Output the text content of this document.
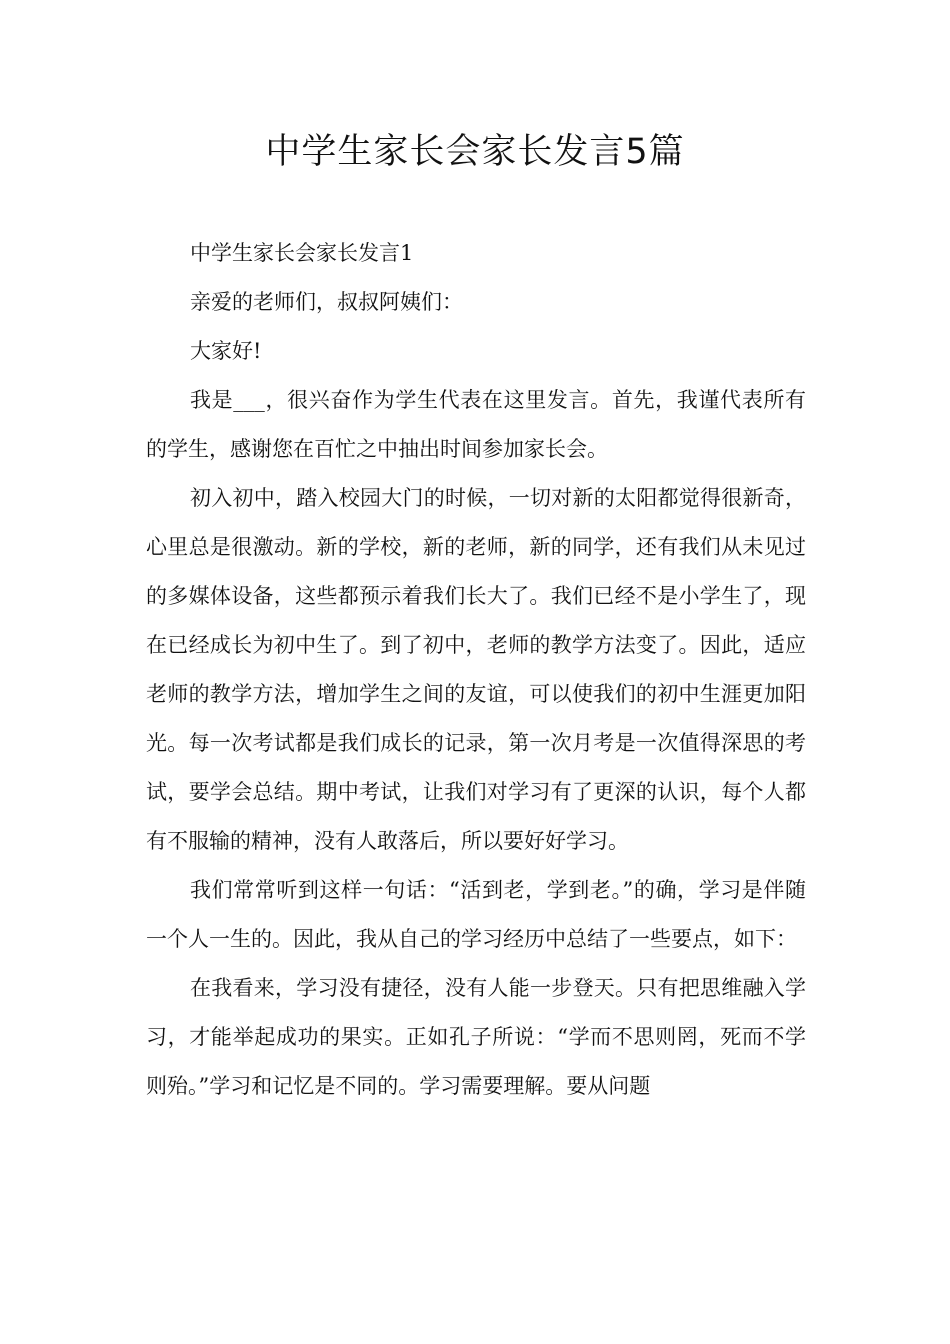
中学生家长会家长发言5篇

中学生家长会家长发言1

亲爱的老师们，叔叔阿姨们：

大家好!

我是___，很兴奋作为学生代表在这里发言。首先，我谨代表所有的学生，感谢您在百忙之中抽出时间参加家长会。

初入初中，踏入校园大门的时候，一切对新的太阳都觉得很新奇，心里总是很激动。新的学校，新的老师，新的同学，还有我们从未见过的多媒体设备，这些都预示着我们长大了。我们已经不是小学生了，现在已经成长为初中生了。到了初中，老师的教学方法变了。因此，适应老师的教学方法，增加学生之间的友谊，可以使我们的初中生涯更加阳光。每一次考试都是我们成长的记录，第一次月考是一次值得深思的考试，要学会总结。期中考试，让我们对学习有了更深的认识，每个人都有不服输的精神，没有人敢落后，所以要好好学习。

我们常常听到这样一句话：“活到老，学到老。”的确，学习是伴随一个人一生的。因此，我从自己的学习经历中总结了一些要点，如下：

在我看来，学习没有捷径，没有人能一步登天。只有把思维融入学习，才能举起成功的果实。正如孔子所说：“学而不思则罔，死而不学则殆。”学习和记忆是不同的。学习需要理解。要从问题
